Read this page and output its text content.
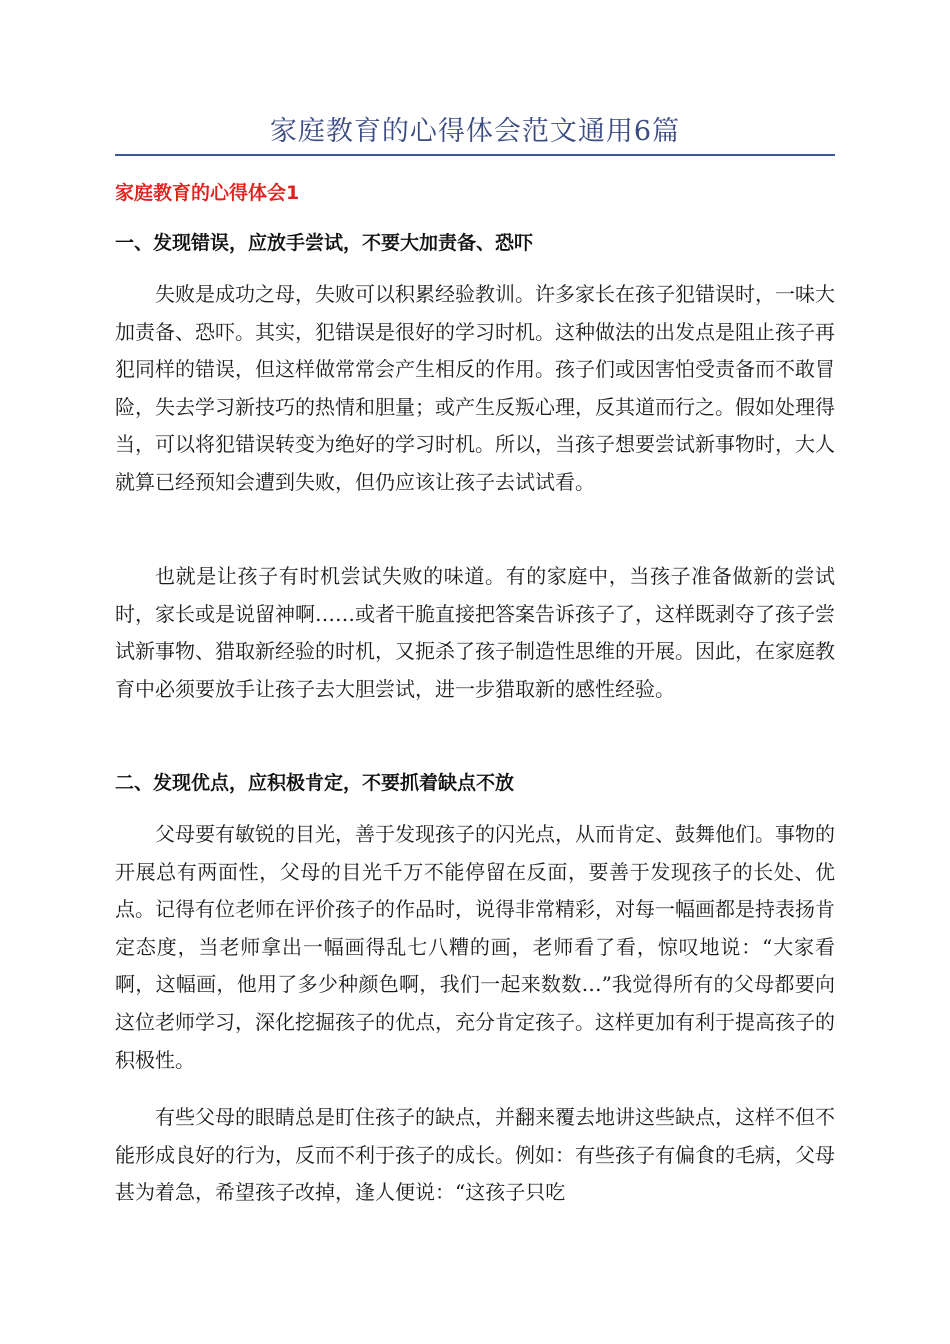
家庭教育的心得体会范文通用6篇
家庭教育的心得体会1
一、发现错误，应放手尝试，不要大加责备、恐吓

失败是成功之母，失败可以积累经验教训。许多家长在孩子犯错误时，一味大加责备、恐吓。其实，犯错误是很好的学习时机。这种做法的出发点是阻止孩子再犯同样的错误，但这样做常常会产生相反的作用。孩子们或因害怕受责备而不敢冒险，失去学习新技巧的热情和胆量；或产生反叛心理，反其道而行之。假如处理得当，可以将犯错误转变为绝好的学习时机。所以，当孩子想要尝试新事物时，大人就算已经预知会遭到失败，但仍应该让孩子去试试看。

也就是让孩子有时机尝试失败的味道。有的家庭中，当孩子准备做新的尝试时，家长或是说留神啊……或者干脆直接把答案告诉孩子了，这样既剥夺了孩子尝试新事物、猎取新经验的时机，又扼杀了孩子制造性思维的开展。因此，在家庭教育中必须要放手让孩子去大胆尝试，进一步猎取新的感性经验。

二、发现优点，应积极肯定，不要抓着缺点不放

父母要有敏锐的目光，善于发现孩子的闪光点，从而肯定、鼓舞他们。事物的开展总有两面性，父母的目光千万不能停留在反面，要善于发现孩子的长处、优点。记得有位老师在评价孩子的作品时，说得非常精彩，对每一幅画都是持表扬肯定态度，当老师拿出一幅画得乱七八糟的画，老师看了看，惊叹地说：“大家看啊，这幅画，他用了多少种颜色啊，我们一起来数数…”我觉得所有的父母都要向这位老师学习，深化挖掘孩子的优点，充分肯定孩子。这样更加有利于提高孩子的积极性。

有些父母的眼睛总是盯住孩子的缺点，并翻来覆去地讲这些缺点，这样不但不能形成良好的行为，反而不利于孩子的成长。例如：有些孩子有偏食的毛病，父母甚为着急，希望孩子改掉，逢人便说：“这孩子只吃
